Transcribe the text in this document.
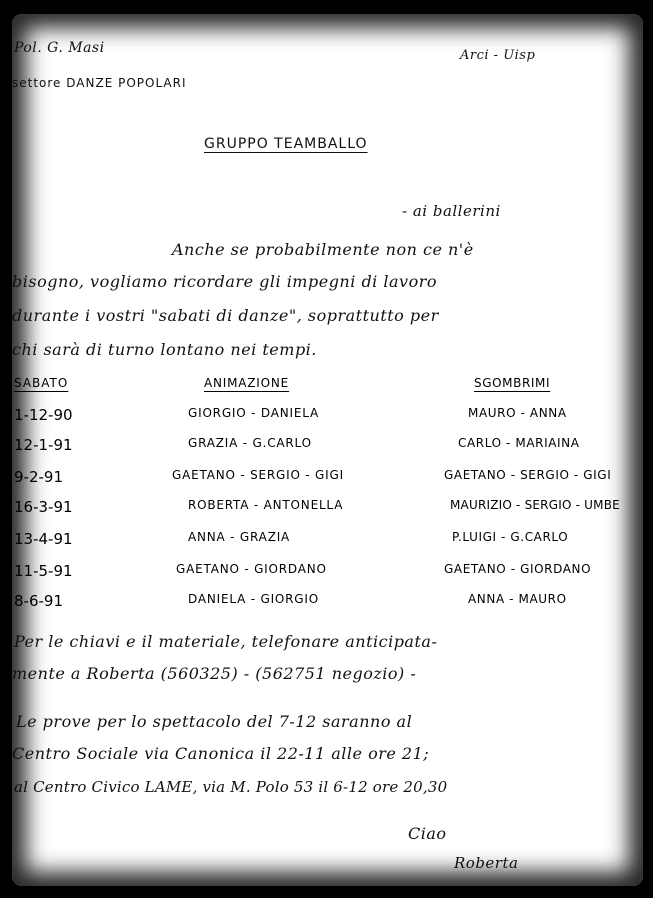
Pol. G. Masi
settore DANZE POPOLARI
Arci - Uisp
GRUPPO TEAMBALLO
- ai ballerini
Anche se probabilmente non ce n'è
bisogno, vogliamo ricordare gli impegni di lavoro
durante i vostri "sabati di danze", soprattutto per
chi sarà di turno lontano nei tempi.
SABATO	ANIMAZIONE	SGOMBRIMI
1-12-90	GIORGIO - DANIELA	MAURO - ANNA
12-1-91	GRAZIA - G.CARLO	CARLO - MARIAINA
9-2-91	GAETANO - SERGIO - GIGI	GAETANO - SERGIO - GIGI
16-3-91	ROBERTA - ANTONELLA	MAURIZIO - SERGIO - UMBE
13-4-91	ANNA - GRAZIA	P.LUIGI - G.CARLO
11-5-91	GAETANO - GIORDANO	GAETANO - GIORDANO
8-6-91	DANIELA - GIORGIO	ANNA - MAURO
Per le chiavi e il materiale, telefonare anticipata-
mente a Roberta (560325) - (562751 negozio) -
Le prove per lo spettacolo del 7-12 saranno al
Centro Sociale via Canonica il 22-11 alle ore 21;
al Centro Civico LAME, via M. Polo 53 il 6-12 ore 20,30
Ciao
Roberta
